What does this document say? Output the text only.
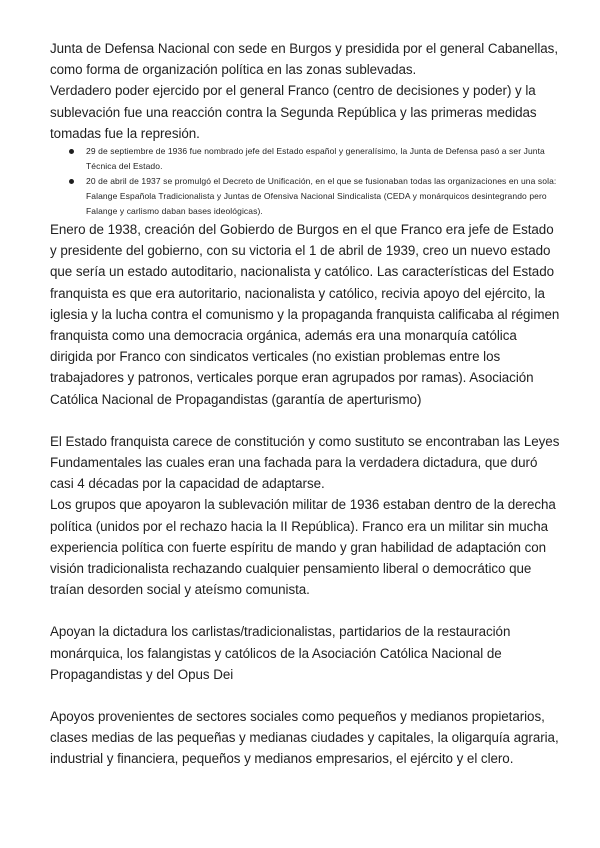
Junta de Defensa Nacional con sede en Burgos y presidida por el general Cabanellas, como forma de organización política en las zonas sublevadas.

Verdadero poder ejercido por el general Franco (centro de decisiones y poder) y la sublevación fue una reacción contra la Segunda República y las primeras medidas tomadas fue la represión.

29 de septiembre de 1936 fue nombrado jefe del Estado español y generalísimo, la Junta de Defensa pasó a ser Junta Técnica del Estado.
20 de abril de 1937 se promulgó el Decreto de Unificación, en el que se fusionaban todas las organizaciones en una sola: Falange Española Tradicionalista y Juntas de Ofensiva Nacional Sindicalista (CEDA y monárquicos desintegrando pero Falange y carlismo daban bases ideológicas).

Enero de 1938, creación del Gobierdo de Burgos en el que Franco era jefe de Estado y presidente del gobierno, con su victoria el 1 de abril de 1939, creo un nuevo estado que sería un estado autoditario, nacionalista y católico. Las características del Estado franquista es que era autoritario, nacionalista y católico, recivia apoyo del ejército, la iglesia y la lucha contra el comunismo y la propaganda franquista calificaba al régimen franquista como una democracia orgánica, además era una monarquía católica dirigida por Franco con sindicatos verticales (no existian problemas entre los trabajadores y patronos, verticales porque eran agrupados por ramas). Asociación Católica Nacional de Propagandistas (garantía de aperturismo)

El Estado franquista carece de constitución y como sustituto se encontraban las Leyes Fundamentales las cuales eran una fachada para la verdadera dictadura, que duró casi 4 décadas por la capacidad de adaptarse.

Los grupos que apoyaron la sublevación militar de 1936 estaban dentro de la derecha política (unidos por el rechazo hacia la II República). Franco era un militar sin mucha experiencia política con fuerte espíritu de mando y gran habilidad de adaptación con visión tradicionalista rechazando cualquier pensamiento liberal o democrático que traían desorden social y ateísmo comunista.

Apoyan la dictadura los carlistas/tradicionalistas, partidarios de la restauración monárquica, los falangistas y católicos de la Asociación Católica Nacional de Propagandistas y del Opus Dei

Apoyos provenientes de sectores sociales como pequeños y medianos propietarios, clases medias de las pequeñas y medianas ciudades y capitales, la oligarquía agraria, industrial y financiera, pequeños y medianos empresarios, el ejército y el clero.
